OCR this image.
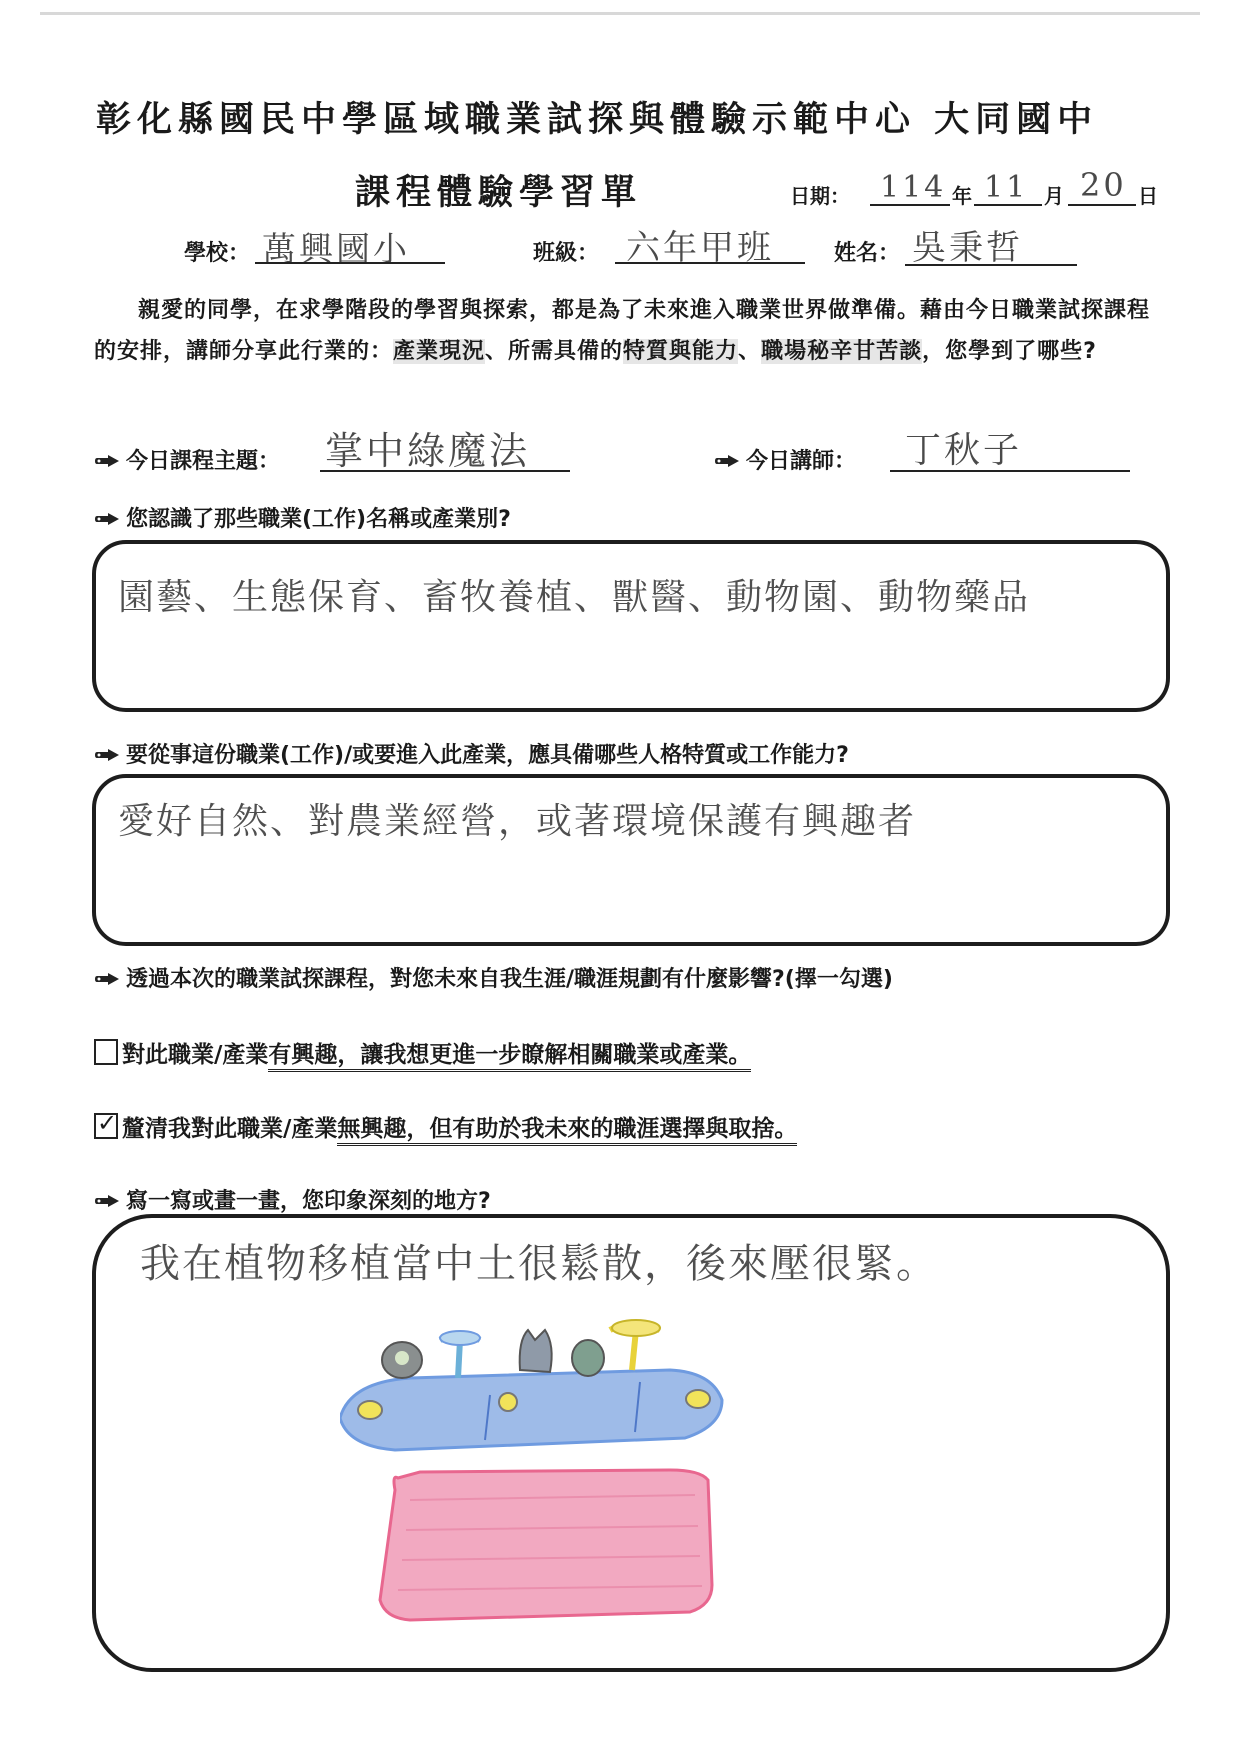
彰化縣國民中學區域職業試探與體驗示範中心 大同國中
課程體驗學習單	日期： 114 年 11 月 20 日
學校： 萬興國小	班級： 六年甲班	姓名： 吳秉哲
親愛的同學，在求學階段的學習與探索，都是為了未來進入職業世界做準備。藉由今日職業試探課程的安排，講師分享此行業的：產業現況、所需具備的特質與能力、職場秘辛甘苦談，您學到了哪些?
今日課程主題： 掌中綠魔法	今日講師： 丁秋子
您認識了那些職業(工作)名稱或產業別?
園藝、生態保育、畜牧養植、獸醫、動物園、動物藥品
要從事這份職業(工作)/或要進入此產業，應具備哪些人格特質或工作能力?
愛好自然、對農業經營，或著環境保護有興趣者
透過本次的職業試探課程，對您未來自我生涯/職涯規劃有什麼影響?(擇一勾選)
對此職業/產業有興趣，讓我想更進一步瞭解相關職業或產業。
✓ 釐清我對此職業/產業無興趣，但有助於我未來的職涯選擇與取捨。
寫一寫或畫一畫，您印象深刻的地方?
我在植物移植當中土很鬆散，後來壓很緊。
